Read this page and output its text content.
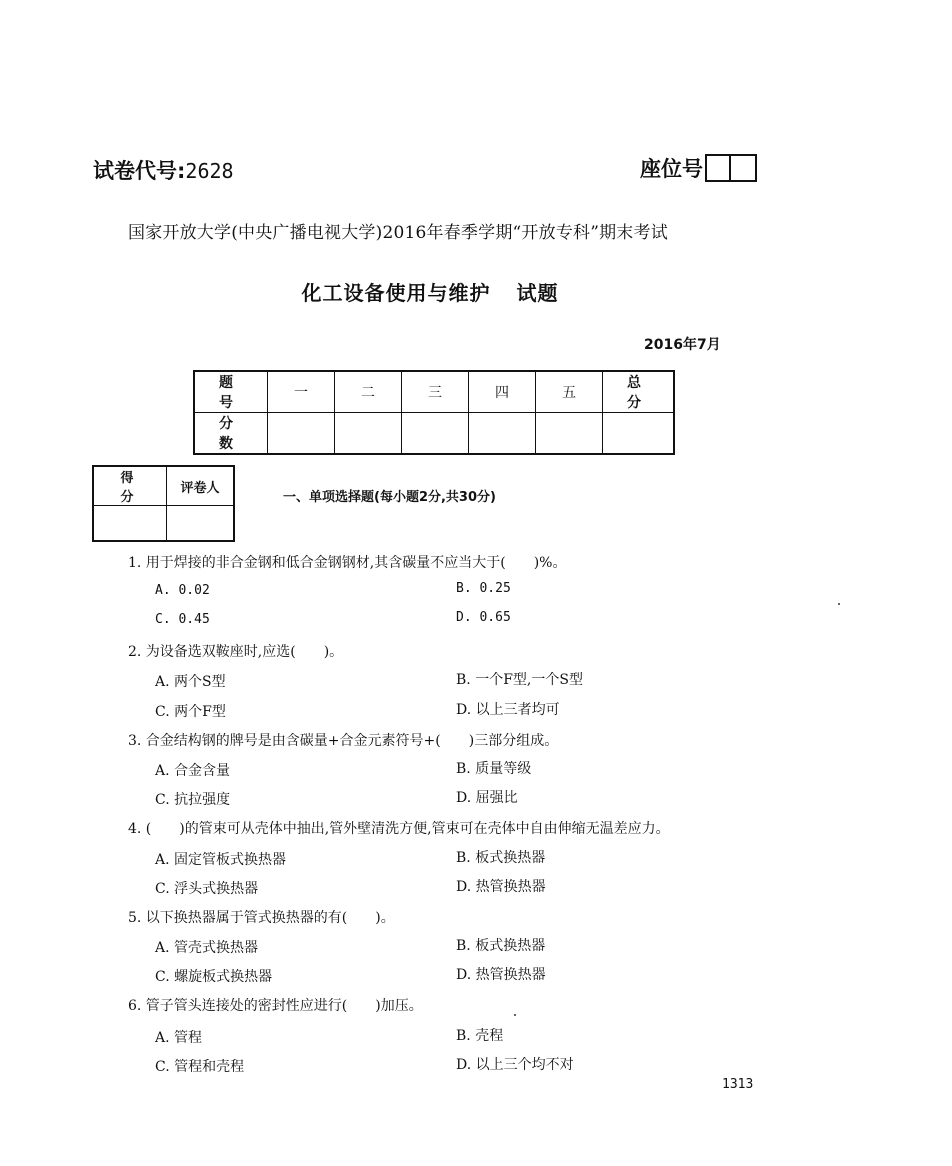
试卷代号:2628	座位号
国家开放大学(中央广播电视大学)2016年春季学期“开放专科”期末考试
化工设备使用与维护 试题
2016年7月
题 号	一	二	三	四	五	总 分
分 数						
得 分	评卷人

一、单项选择题(每小题2分,共30分)
1. 用于焊接的非合金钢和低合金钢钢材,其含碳量不应当大于(　　)%。
A. 0.02	B. 0.25
C. 0.45	D. 0.65
2. 为设备选双鞍座时,应选(　　)。
A. 两个S型	B. 一个F型,一个S型
C. 两个F型	D. 以上三者均可
3. 合金结构钢的牌号是由含碳量+合金元素符号+(　　)三部分组成。
A. 合金含量	B. 质量等级
C. 抗拉强度	D. 屈强比
4. (　　)的管束可从壳体中抽出,管外壁清洗方便,管束可在壳体中自由伸缩无温差应力。
A. 固定管板式换热器	B. 板式换热器
C. 浮头式换热器	D. 热管换热器
5. 以下换热器属于管式换热器的有(　　)。
A. 管壳式换热器	B. 板式换热器
C. 螺旋板式换热器	D. 热管换热器
6. 管子管头连接处的密封性应进行(　　)加压。
A. 管程	B. 壳程
C. 管程和壳程	D. 以上三个均不对
1313
